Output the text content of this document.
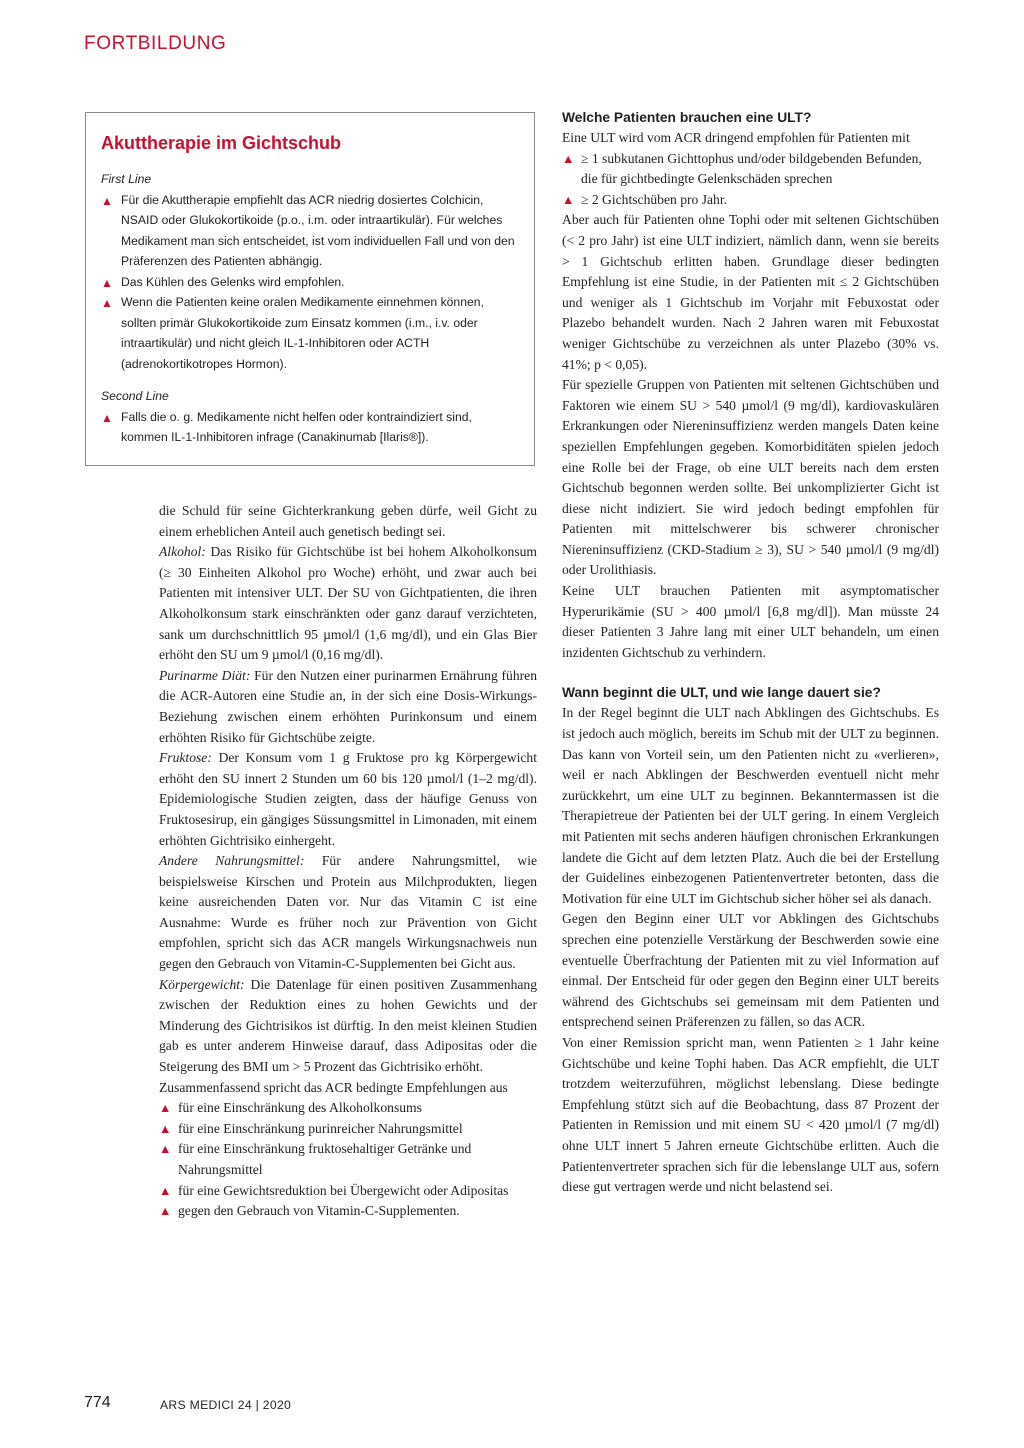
FORTBILDUNG
Akuttherapie im Gichtschub
First Line
▲ Für die Akuttherapie empfiehlt das ACR niedrig dosiertes Colchicin, NSAID oder Glukokortikoide (p.o., i.m. oder intraartikulär). Für welches Medikament man sich entscheidet, ist vom individuellen Fall und von den Präferenzen des Patienten abhängig.
▲ Das Kühlen des Gelenks wird empfohlen.
▲ Wenn die Patienten keine oralen Medikamente einnehmen können, sollten primär Glukokortikoide zum Einsatz kommen (i.m., i.v. oder intraartikulär) und nicht gleich IL-1-Inhibitoren oder ACTH (adrenokortikotropes Hormon).
Second Line
▲ Falls die o. g. Medikamente nicht helfen oder kontraindiziert sind, kommen IL-1-Inhibitoren infrage (Canakinumab [Ilaris®]).

die Schuld für seine Gichterkrankung geben dürfe, weil Gicht zu einem erheblichen Anteil auch genetisch bedingt sei.

Alkohol: Das Risiko für Gichtschübe ist bei hohem Alkoholkonsum (≥ 30 Einheiten Alkohol pro Woche) erhöht, und zwar auch bei Patienten mit intensiver ULT. Der SU von Gichtpatienten, die ihren Alkoholkonsum stark einschränkten oder ganz darauf verzichteten, sank um durchschnittlich 95 µmol/l (1,6 mg/dl), und ein Glas Bier erhöht den SU um 9 µmol/l (0,16 mg/dl).

Purinarme Diät: Für den Nutzen einer purinarmen Ernährung führen die ACR-Autoren eine Studie an, in der sich eine Dosis-Wirkungs-Beziehung zwischen einem erhöhten Purinkonsum und einem erhöhten Risiko für Gichtschübe zeigte.

Fruktose: Der Konsum vom 1 g Fruktose pro kg Körpergewicht erhöht den SU innert 2 Stunden um 60 bis 120 µmol/l (1–2 mg/dl). Epidemiologische Studien zeigten, dass der häufige Genuss von Fruktosesirup, ein gängiges Süssungsmittel in Limonaden, mit einem erhöhten Gichtrisiko einhergeht.

Andere Nahrungsmittel: Für andere Nahrungsmittel, wie beispielsweise Kirschen und Protein aus Milchprodukten, liegen keine ausreichenden Daten vor. Nur das Vitamin C ist eine Ausnahme: Wurde es früher noch zur Prävention von Gicht empfohlen, spricht sich das ACR mangels Wirkungsnachweis nun gegen den Gebrauch von Vitamin-C-Supplementen bei Gicht aus.

Körpergewicht: Die Datenlage für einen positiven Zusammenhang zwischen der Reduktion eines zu hohen Gewichts und der Minderung des Gichtrisikos ist dürftig. In den meist kleinen Studien gab es unter anderem Hinweise darauf, dass Adipositas oder die Steigerung des BMI um > 5 Prozent das Gichtrisiko erhöht.

Zusammenfassend spricht das ACR bedingte Empfehlungen aus

▲ für eine Einschränkung des Alkoholkonsums
▲ für eine Einschränkung purinreicher Nahrungsmittel
▲ für eine Einschränkung fruktosehaltiger Getränke und Nahrungsmittel
▲ für eine Gewichtsreduktion bei Übergewicht oder Adipositas
▲ gegen den Gebrauch von Vitamin-C-Supplementen.
Welche Patienten brauchen eine ULT?

Eine ULT wird vom ACR dringend empfohlen für Patienten mit

▲ ≥ 1 subkutanen Gichttophus und/oder bildgebenden Befunden, die für gichtbedingte Gelenkschäden sprechen
▲ ≥ 2 Gichtschüben pro Jahr.

Aber auch für Patienten ohne Tophi oder mit seltenen Gichtschüben (< 2 pro Jahr) ist eine ULT indiziert, nämlich dann, wenn sie bereits > 1 Gichtschub erlitten haben. Grundlage dieser bedingten Empfehlung ist eine Studie, in der Patienten mit ≤ 2 Gichtschüben und weniger als 1 Gichtschub im Vorjahr mit Febuxostat oder Plazebo behandelt wurden. Nach 2 Jahren waren mit Febuxostat weniger Gichtschübe zu verzeichnen als unter Plazebo (30% vs. 41%; p < 0,05).

Für spezielle Gruppen von Patienten mit seltenen Gichtschüben und Faktoren wie einem SU > 540 µmol/l (9 mg/dl), kardiovaskulären Erkrankungen oder Niereninsuffizienz werden mangels Daten keine speziellen Empfehlungen gegeben. Komorbiditäten spielen jedoch eine Rolle bei der Frage, ob eine ULT bereits nach dem ersten Gichtschub begonnen werden sollte. Bei unkomplizierter Gicht ist diese nicht indiziert. Sie wird jedoch bedingt empfohlen für Patienten mit mittelschwerer bis schwerer chronischer Niereninsuffizienz (CKD-Stadium ≥ 3), SU > 540 µmol/l (9 mg/dl) oder Urolithiasis.

Keine ULT brauchen Patienten mit asymptomatischer Hyperurikämie (SU > 400 µmol/l [6,8 mg/dl]). Man müsste 24 dieser Patienten 3 Jahre lang mit einer ULT behandeln, um einen inzidenten Gichtschub zu verhindern.

Wann beginnt die ULT, und wie lange dauert sie?

In der Regel beginnt die ULT nach Abklingen des Gichtschubs. Es ist jedoch auch möglich, bereits im Schub mit der ULT zu beginnen. Das kann von Vorteil sein, um den Patienten nicht zu «verlieren», weil er nach Abklingen der Beschwerden eventuell nicht mehr zurückkehrt, um eine ULT zu beginnen. Bekanntermassen ist die Therapietreue der Patienten bei der ULT gering. In einem Vergleich mit Patienten mit sechs anderen häufigen chronischen Erkrankungen landete die Gicht auf dem letzten Platz. Auch die bei der Erstellung der Guidelines einbezogenen Patientenvertreter betonten, dass die Motivation für eine ULT im Gichtschub sicher höher sei als danach.

Gegen den Beginn einer ULT vor Abklingen des Gichtschubs sprechen eine potenzielle Verstärkung der Beschwerden sowie eine eventuelle Überfrachtung der Patienten mit zu viel Information auf einmal. Der Entscheid für oder gegen den Beginn einer ULT bereits während des Gichtschubs sei gemeinsam mit dem Patienten und entsprechend seinen Präferenzen zu fällen, so das ACR.

Von einer Remission spricht man, wenn Patienten ≥ 1 Jahr keine Gichtschübe und keine Tophi haben. Das ACR empfiehlt, die ULT trotzdem weiterzuführen, möglichst lebenslang. Diese bedingte Empfehlung stützt sich auf die Beobachtung, dass 87 Prozent der Patienten in Remission und mit einem SU < 420 µmol/l (7 mg/dl) ohne ULT innert 5 Jahren erneute Gichtschübe erlitten. Auch die Patientenvertreter sprachen sich für die lebenslange ULT aus, sofern diese gut vertragen werde und nicht belastend sei.

774	ARS MEDICI 24 | 2020
